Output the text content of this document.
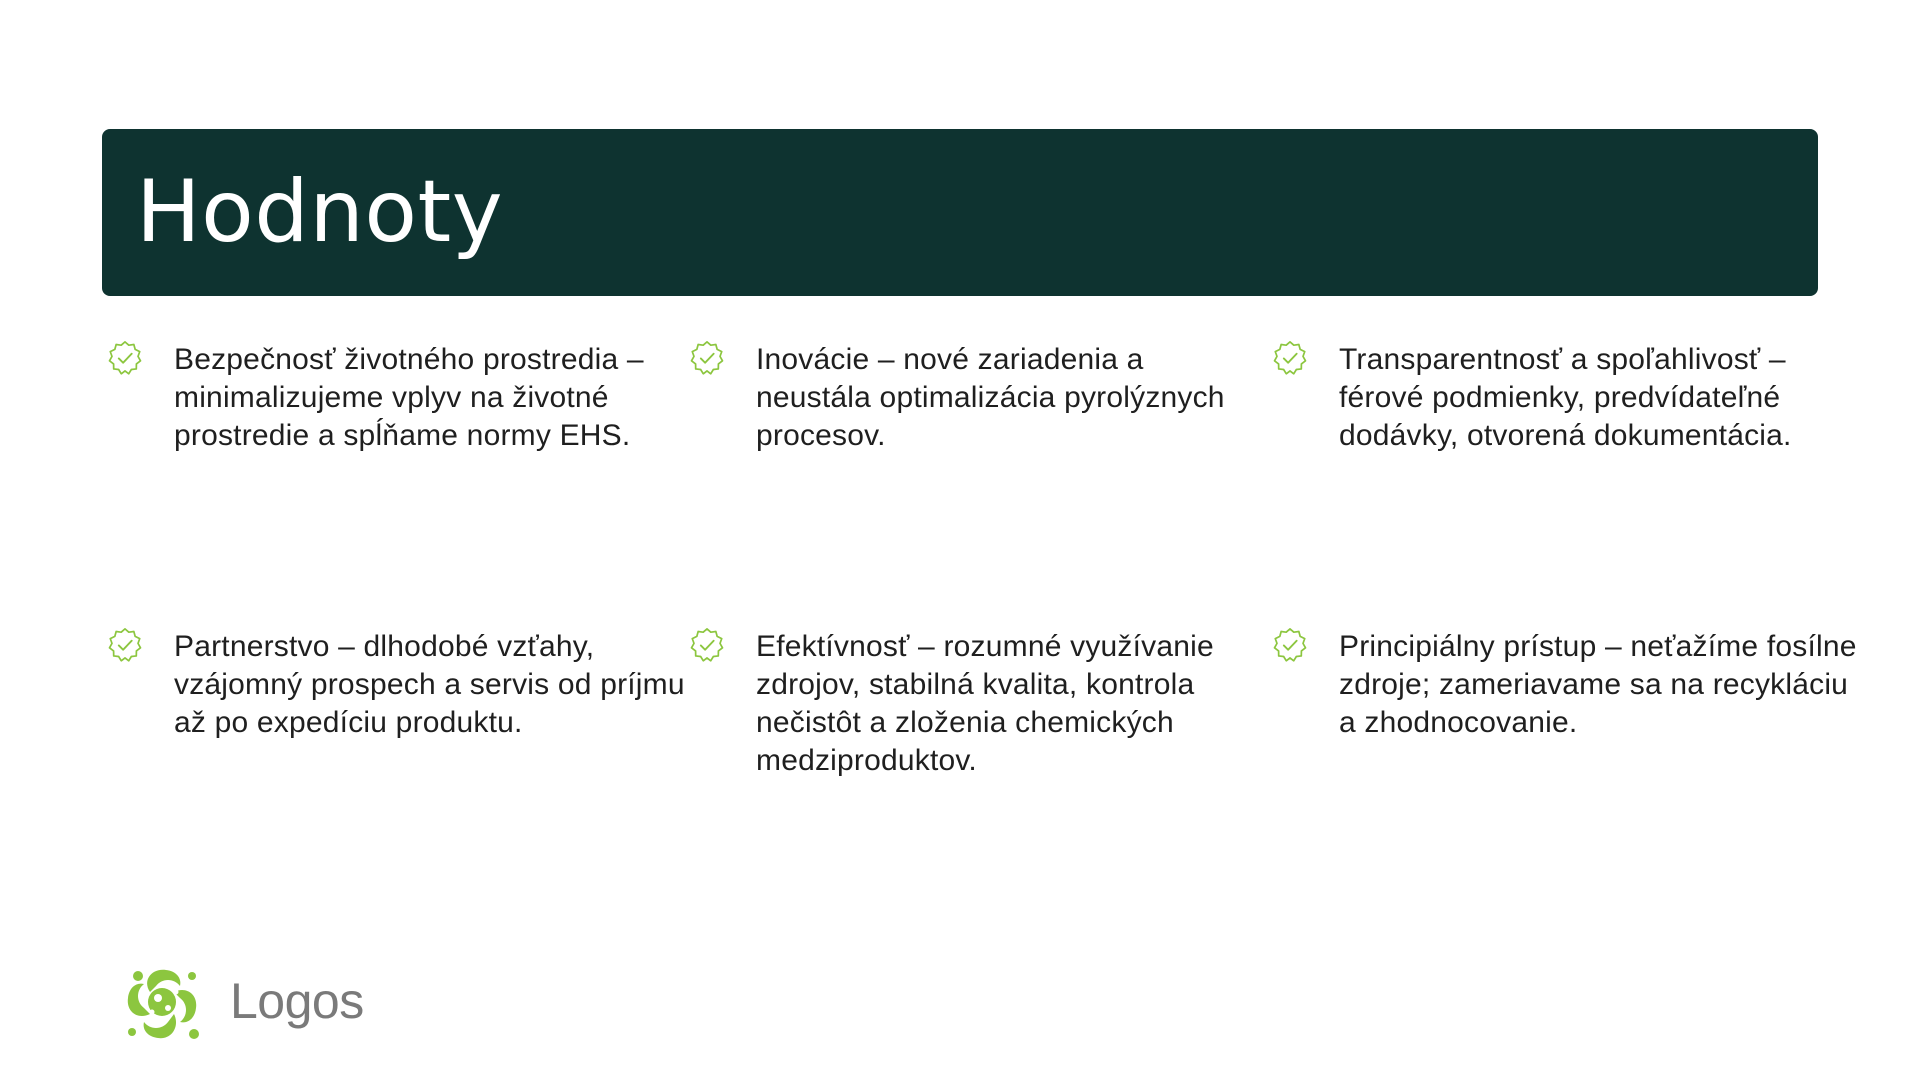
Hodnoty

Bezpečnosť životného prostredia – minimalizujeme vplyv na životné prostredie a spĺňame normy EHS.

Inovácie – nové zariadenia a neustála optimalizácia pyrolýznych procesov.

Transparentnosť a spoľahlivosť – férové podmienky, predvídateľné dodávky, otvorená dokumentácia.

Partnerstvo – dlhodobé vzťahy, vzájomný prospech a servis od príjmu až po expedíciu produktu.

Efektívnosť – rozumné využívanie zdrojov, stabilná kvalita, kontrola nečistôt a zloženia chemických medziproduktov.

Principiálny prístup – neťažíme fosílne zdroje; zameriavame sa na recykláciu a zhodnocovanie.

Logos
